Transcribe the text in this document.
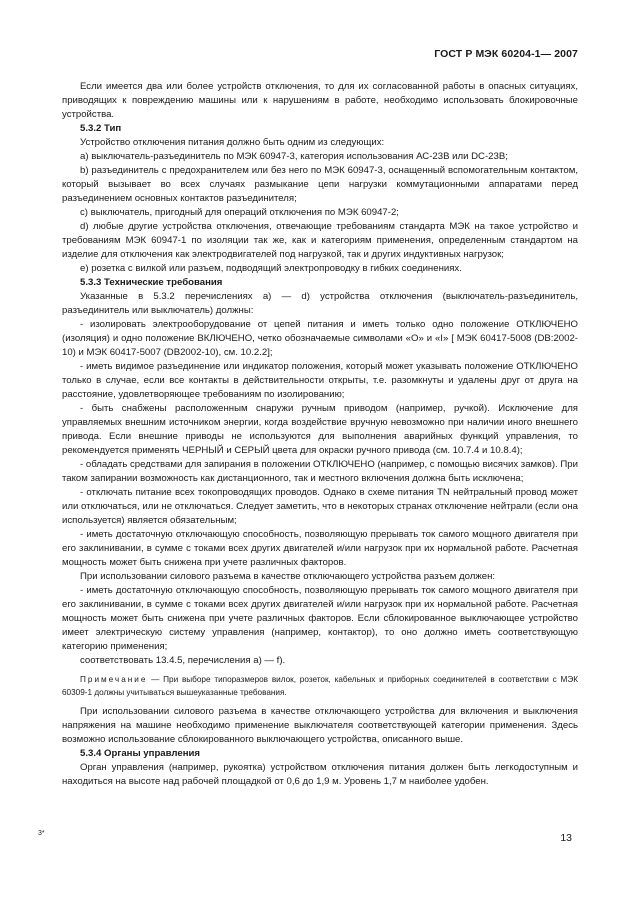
ГОСТ Р МЭК 60204-1— 2007

Если имеется два или более устройств отключения, то для их согласованной работы в опасных ситуациях, приводящих к повреждению машины или к нарушениям в работе, необходимо использовать блокировочные устройства.

5.3.2 Тип

Устройство отключения питания должно быть одним из следующих:

a) выключатель-разъединитель по МЭК 60947-3, категория использования АС-23В или DC-23B;

b) разъединитель с предохранителем или без него по МЭК 60947-3, оснащенный вспомогательным контактом, который вызывает во всех случаях размыкание цепи нагрузки коммутационными аппаратами перед разъединением основных контактов разъединителя;

c) выключатель, пригодный для операций отключения по МЭК 60947-2;

d) любые другие устройства отключения, отвечающие требованиям стандарта МЭК на такое устройство и требованиям МЭК 60947-1 по изоляции так же, как и категориям применения, определенным стандартом на изделие для отключения как электродвигателей под нагрузкой, так и других индуктивных нагрузок;

e) розетка с вилкой или разъем, подводящий электропроводку в гибких соединениях.

5.3.3 Технические требования

Указанные в 5.3.2 перечислениях а) — d) устройства отключения (выключатель-разъединитель, разъединитель или выключатель) должны:

- изолировать электрооборудование от цепей питания и иметь только одно положение ОТКЛЮЧЕНО (изоляция) и одно положение ВКЛЮЧЕНО, четко обозначаемые символами «О» и «I» [ МЭК 60417-5008 (DB:2002-10) и МЭК 60417-5007 (DB2002-10), см. 10.2.2];

- иметь видимое разъединение или индикатор положения, который может указывать положение ОТКЛЮЧЕНО только в случае, если все контакты в действительности открыты, т.е. разомкнуты и удалены друг от друга на расстояние, удовлетворяющее требованиям по изолированию;

- быть снабжены расположенным снаружи ручным приводом (например, ручкой). Исключение для управляемых внешним источником энергии, когда воздействие вручную невозможно при наличии иного внешнего привода. Если внешние приводы не используются для выполнения аварийных функций управления, то рекомендуется применять ЧЕРНЫЙ и СЕРЫЙ цвета для окраски ручного привода (см. 10.7.4 и 10.8.4);

- обладать средствами для запирания в положении ОТКЛЮЧЕНО (например, с помощью висячих замков). При таком запирании возможность как дистанционного, так и местного включения должна быть исключена;

- отключать питание всех токопроводящих проводов. Однако в схеме питания TN нейтральный провод может или отключаться, или не отключаться. Следует заметить, что в некоторых странах отключение нейтрали (если она используется) является обязательным;

- иметь достаточную отключающую способность, позволяющую прерывать ток самого мощного двигателя при его заклинивании, в сумме с токами всех других двигателей и/или нагрузок при их нормальной работе. Расчетная мощность может быть снижена при учете различных факторов.

При использовании силового разъема в качестве отключающего устройства разъем должен:

- иметь достаточную отключающую способность, позволяющую прерывать ток самого мощного двигателя при его заклинивании, в сумме с токами всех других двигателей и/или нагрузок при их нормальной работе. Расчетная мощность может быть снижена при учете различных факторов. Если сблокированное выключающее устройство имеет электрическую систему управления (например, контактор), то оно должно иметь соответствующую категорию применения;

соответствовать 13.4.5, перечисления а) — f).

Примечание — При выборе типоразмеров вилок, розеток, кабельных и приборных соединителей в соответствии с МЭК 60309-1 должны учитываться вышеуказанные требования.

При использовании силового разъема в качестве отключающего устройства для включения и выключения напряжения на машине необходимо применение выключателя соответствующей категории применения. Здесь возможно использование сблокированного выключающего устройства, описанного выше.

5.3.4 Органы управления

Орган управления (например, рукоятка) устройством отключения питания должен быть легкодоступным и находиться на высоте над рабочей площадкой от 0,6 до 1,9 м. Уровень 1,7 м наиболее удобен.

3*	13
